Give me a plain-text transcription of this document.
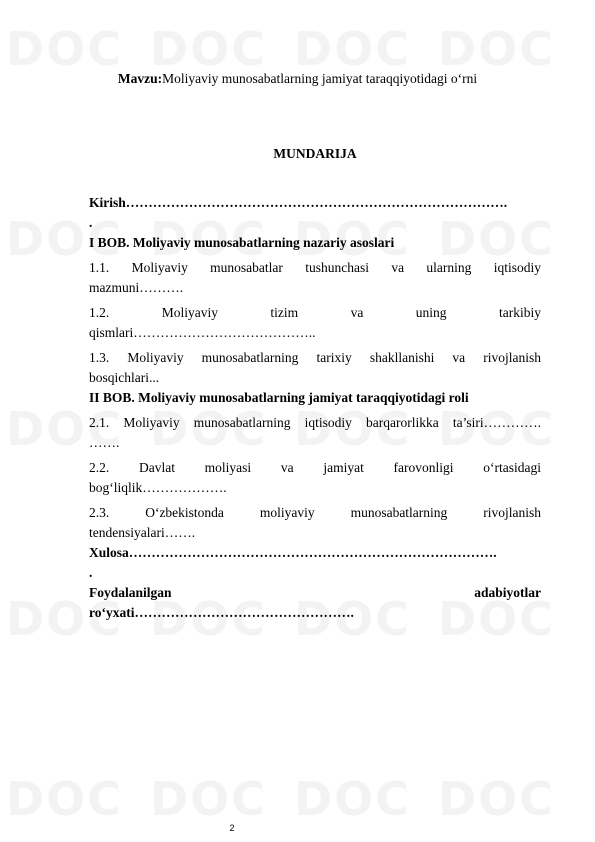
Mavzu:Moliyaviy munosabatlarning jamiyat taraqqiyotidagi o‘rni
MUNDARIJA
Kirish………………………………………………………………………….
.
I BOB. Moliyaviy munosabatlarning nazariy asoslari
1.1. Moliyaviy munosabatlar tushunchasi va ularning iqtisodiy
mazmuni……….
1.2. Moliyaviy tizim va uning tarkibiy
qismlari…………………………………..
1.3. Moliyaviy munosabatlarning tarixiy shakllanishi va rivojlanish
bosqichlari...
II BOB. Moliyaviy munosabatlarning jamiyat taraqqiyotidagi roli
2.1. Moliyaviy munosabatlarning iqtisodiy barqarorlikka ta’siri………….
…….
2.2. Davlat moliyasi va jamiyat farovonligi o‘rtasidagi
bog‘liqlik……………….
2.3. O‘zbekistonda moliyaviy munosabatlarning rivojlanish
tendensiyalari…….
Xulosa……………………………………………………………………….
.
Foydalanilgan adabiyotlar
ro‘yxati………………………………………….
2
